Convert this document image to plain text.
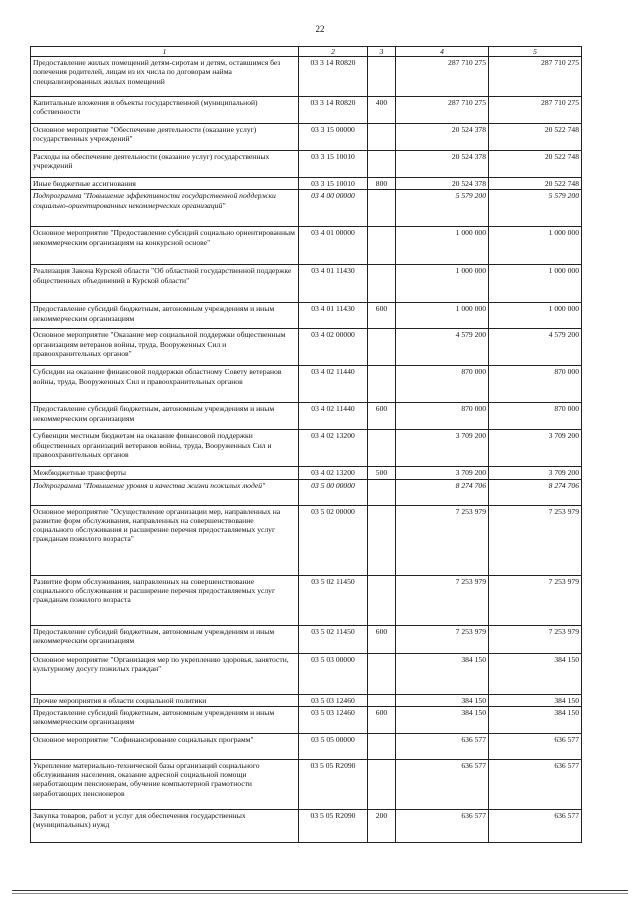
22
1	2	3	4	5
Предоставление жилых помещений детям-сиротам и детям, оставшимся без попечения родителей, лицам из их числа по договорам найма специализированных жилых помещений	03 3 14 R0820		287 710 275	287 710 275
Капитальные вложения в объекты государственной (муниципальной) собственности	03 3 14 R0820	400	287 710 275	287 710 275
Основное мероприятие "Обеспечение деятельности (оказание услуг) государственных учреждений"	03 3 15 00000		20 524 378	20 522 748
Расходы на обеспечение деятельности (оказание услуг) государственных учреждений	03 3 15 10010		20 524 378	20 522 748
Иные бюджетные ассигнования	03 3 15 10010	800	20 524 378	20 522 748
Подпрограмма "Повышение эффективности государственной поддержки социально-ориентированных некоммерческих организаций"	03 4 00 00000		5 579 200	5 579 200
Основное мероприятие "Предоставление субсидий социально ориентированным некоммерческим организациям на конкурсной основе"	03 4 01 00000		1 000 000	1 000 000
Реализация Закона Курской области "Об областной государственной поддержке общественных объединений в Курской области"	03 4 01 11430		1 000 000	1 000 000
Предоставление субсидий бюджетным, автономным учреждениям и иным некоммерческим организациям	03 4 01 11430	600	1 000 000	1 000 000
Основное мероприятие "Оказание мер социальной поддержки общественным организациям ветеранов войны, труда, Вооруженных Сил и правоохранительных органов"	03 4 02 00000		4 579 200	4 579 200
Субсидии на оказание финансовой поддержки областному Совету ветеранов войны, труда, Вооруженных Сил и правоохранительных органов	03 4 02 11440		870 000	870 000
Предоставление субсидий бюджетным, автономным учреждениям и иным некоммерческим организациям	03 4 02 11440	600	870 000	870 000
Субвенции местным бюджетам на оказание финансовой поддержки общественных организаций ветеранов войны, труда, Вооруженных Сил и правоохранительных органов	03 4 02 13200		3 709 200	3 709 200
Межбюджетные трансферты	03 4 02 13200	500	3 709 200	3 709 200
Подпрограмма "Повышение уровня и качества жизни пожилых людей"	03 5 00 00000		8 274 706	8 274 706
Основное мероприятие "Осуществление организации мер, направленных на развитие форм обслуживания, направленных на совершенствование социального обслуживания и расширение перечня предоставляемых услуг гражданам пожилого возраста"	03 5 02 00000		7 253 979	7 253 979
Развитие форм обслуживания, направленных на совершенствование социального обслуживания и расширение перечня предоставляемых услуг гражданам пожилого возраста	03 5 02 11450		7 253 979	7 253 979
Предоставление субсидий бюджетным, автономным учреждениям и иным некоммерческим организациям	03 5 02 11450	600	7 253 979	7 253 979
Основное мероприятие "Организация мер по укреплению здоровья, занятости, культурному досугу пожилых граждан"	03 5 03 00000		384 150	384 150
Прочие мероприятия в области социальной политики	03 5 03 12460		384 150	384 150
Предоставление субсидий бюджетным, автономным учреждениям и иным некоммерческим организациям	03 5 03 12460	600	384 150	384 150
Основное мероприятие "Софинансирование социальных программ"	03 5 05 00000		636 577	636 577
Укрепление материально-технической базы организаций социального обслуживания населения, оказание адресной социальной помощи неработающим пенсионерам, обучение компьютерной грамотности неработающих пенсионеров	03 5 05 R2090		636 577	636 577
Закупка товаров, работ и услуг для обеспечения государственных (муниципальных) нужд	03 5 05 R2090	200	636 577	636 577
